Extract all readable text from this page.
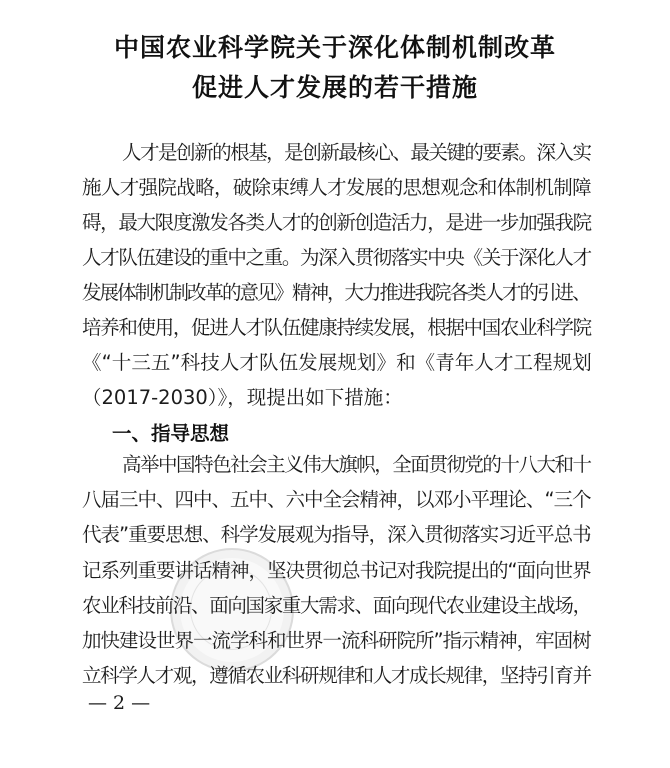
中国农业科学院关于深化体制机制改革
促进人才发展的若干措施
人才是创新的根基，是创新最核心、最关键的要素。深入实
施人才强院战略，破除束缚人才发展的思想观念和体制机制障
碍，最大限度激发各类人才的创新创造活力，是进一步加强我院
人才队伍建设的重中之重。为深入贯彻落实中央《关于深化人才
发展体制机制改革的意见》精神，大力推进我院各类人才的引进、
培养和使用，促进人才队伍健康持续发展，根据中国农业科学院
《“十三五”科技人才队伍发展规划》和《青年人才工程规划
（2017-2030）》，现提出如下措施：
一、指导思想
高举中国特色社会主义伟大旗帜，全面贯彻党的十八大和十
八届三中、四中、五中、六中全会精神，以邓小平理论、“三个
代表”重要思想、科学发展观为指导，深入贯彻落实习近平总书
记系列重要讲话精神，坚决贯彻总书记对我院提出的“面向世界
农业科技前沿、面向国家重大需求、面向现代农业建设主战场，
加快建设世界一流学科和世界一流科研院所”指示精神，牢固树
立科学人才观，遵循农业科研规律和人才成长规律，坚持引育并
— 2 —
